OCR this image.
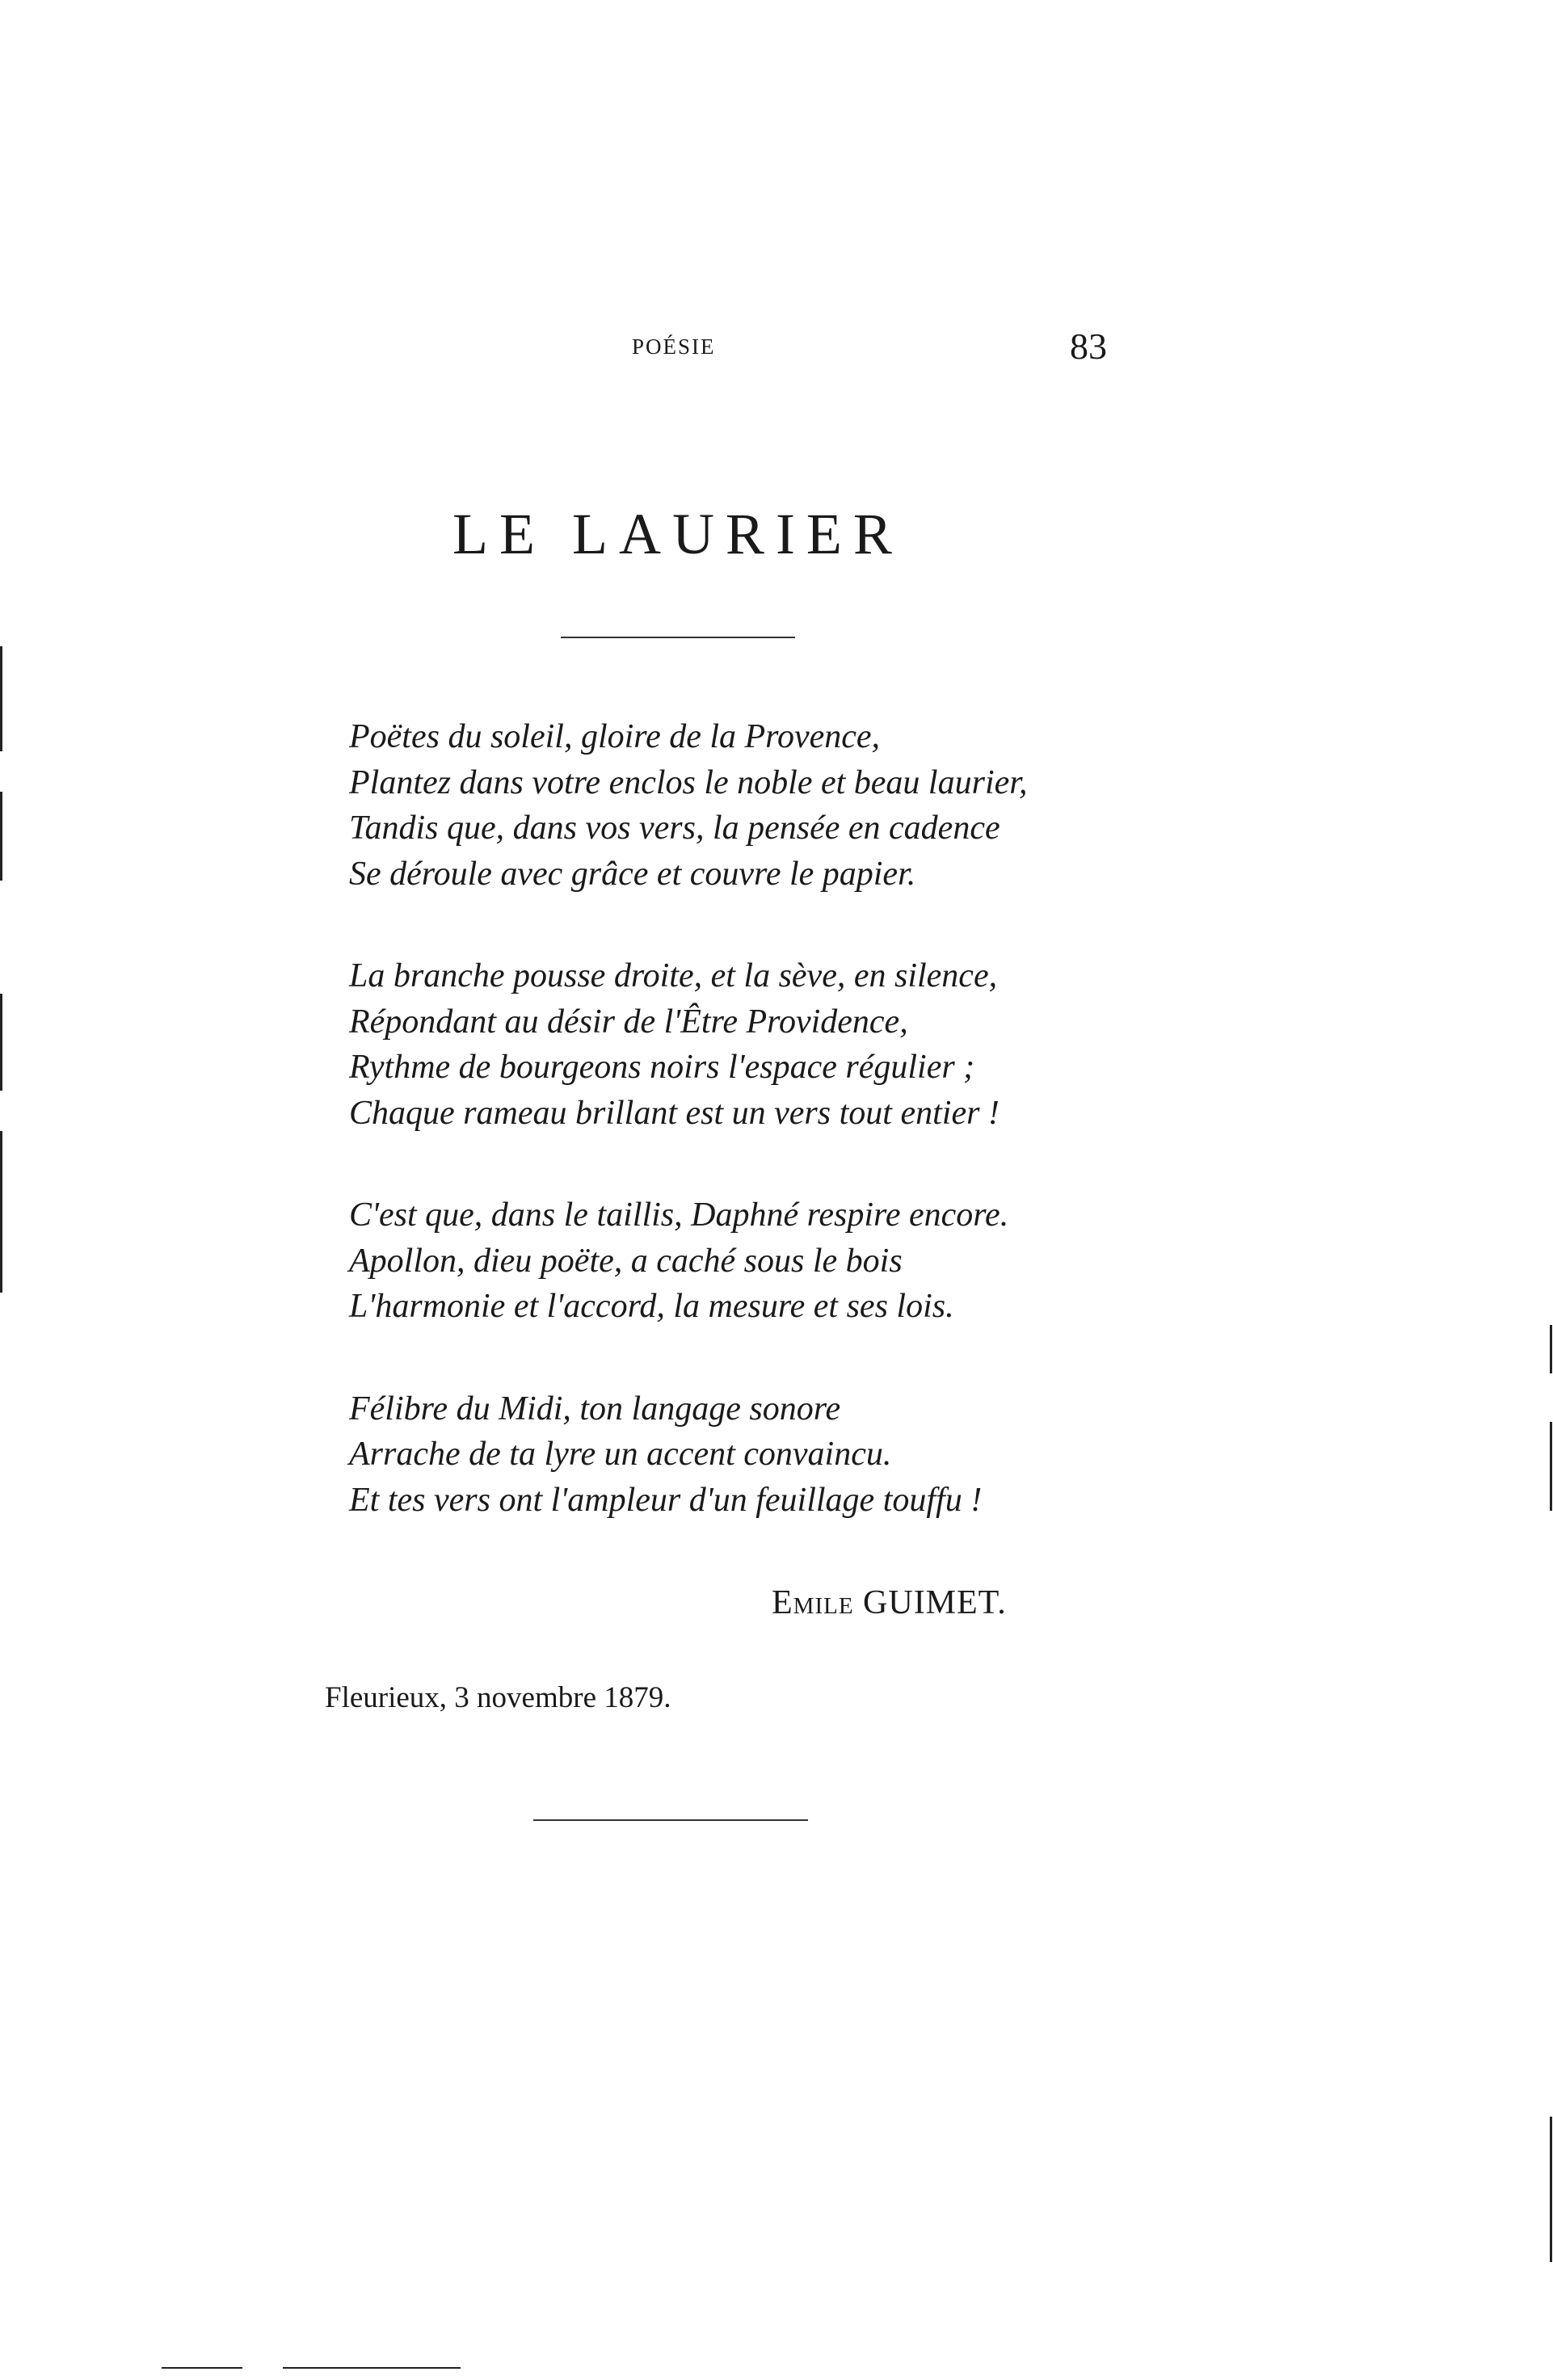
POÉSIE	83
LE LAURIER
Poëtes du soleil, gloire de la Provence,
Plantez dans votre enclos le noble et beau laurier,
Tandis que, dans vos vers, la pensée en cadence
Se déroule avec grâce et couvre le papier.
La branche pousse droite, et la sève, en silence,
Répondant au désir de l'Être Providence,
Rythme de bourgeons noirs l'espace régulier ;
Chaque rameau brillant est un vers tout entier !
C'est que, dans le taillis, Daphné respire encore.
Apollon, dieu poëte, a caché sous le bois
L'harmonie et l'accord, la mesure et ses lois.
Félibre du Midi, ton langage sonore
Arrache de ta lyre un accent convaincu.
Et tes vers ont l'ampleur d'un feuillage touffu !
Emile GUIMET.
Fleurieux, 3 novembre 1879.
